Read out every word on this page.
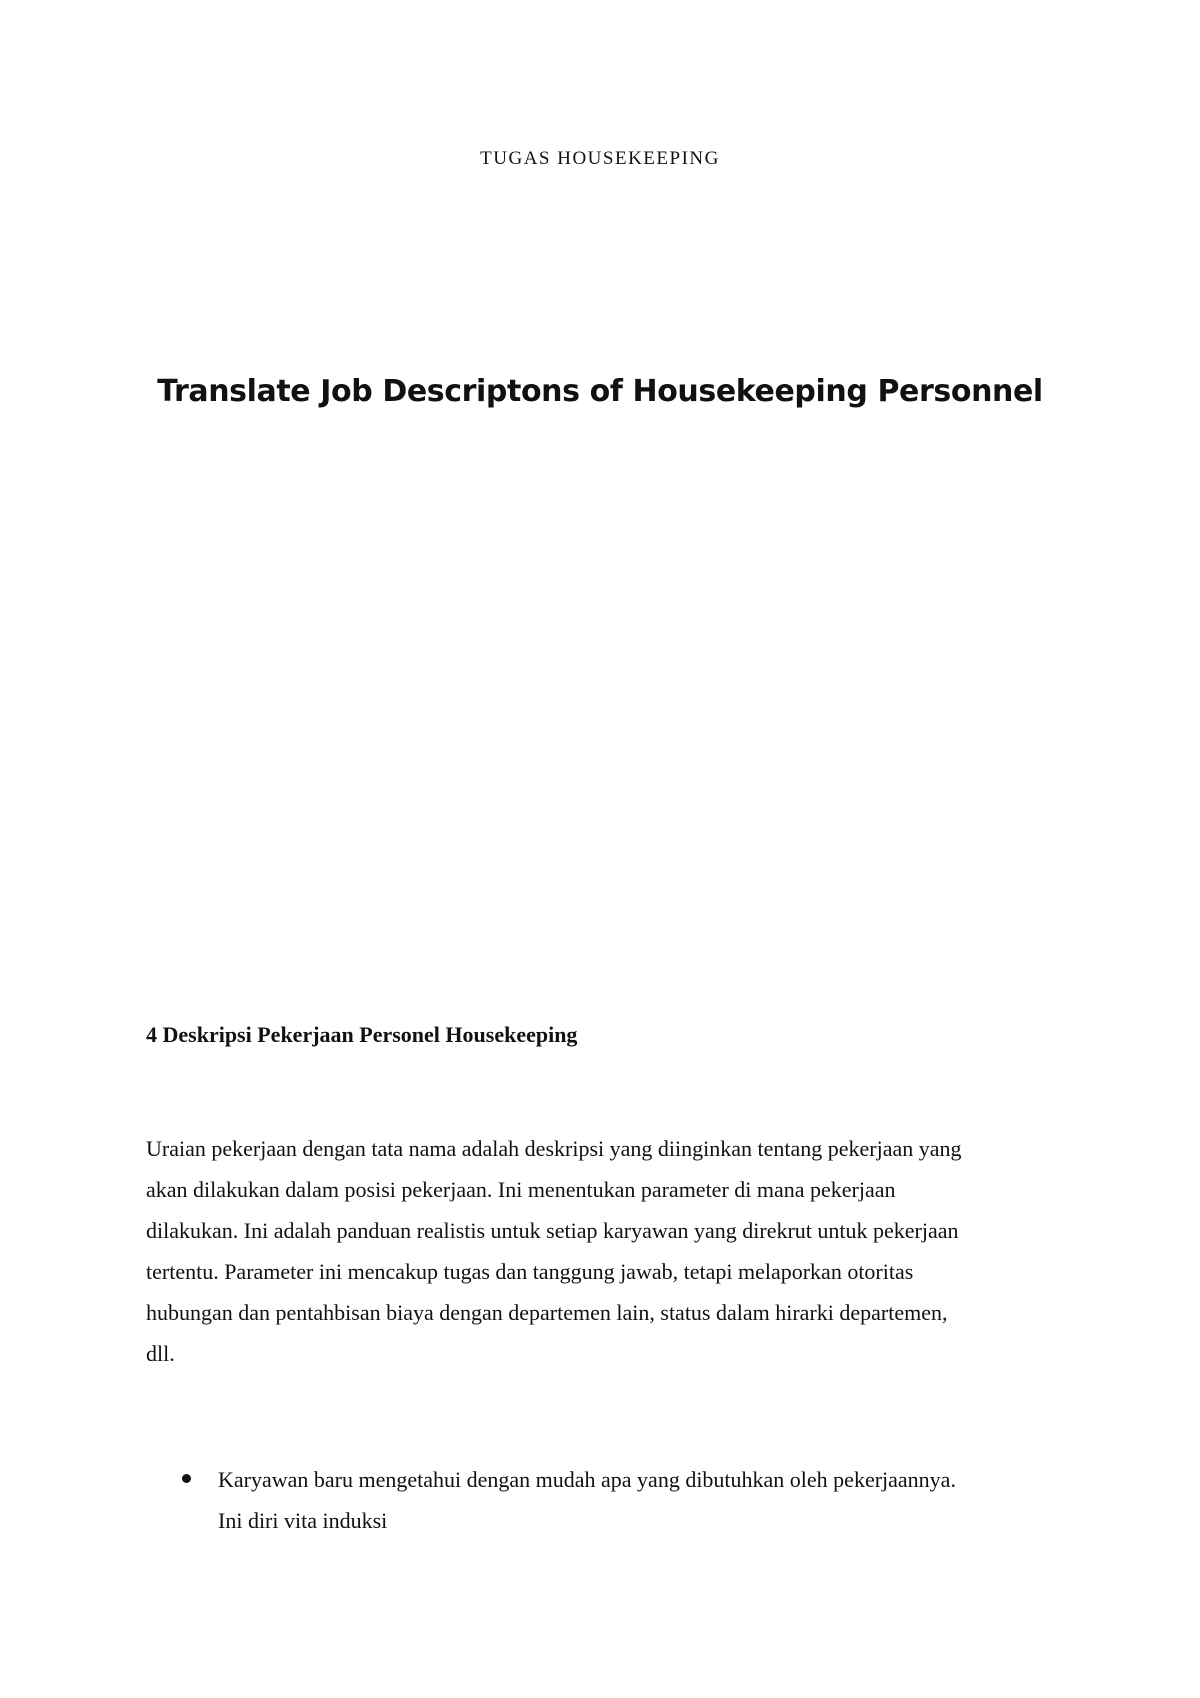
TUGAS HOUSEKEEPING
Translate Job Descriptons of Housekeeping Personnel
4 Deskripsi Pekerjaan Personel Housekeeping
Uraian pekerjaan dengan tata nama adalah deskripsi yang diinginkan tentang pekerjaan yang
akan dilakukan dalam posisi pekerjaan. Ini menentukan parameter di mana pekerjaan
dilakukan. Ini adalah panduan realistis untuk setiap karyawan yang direkrut untuk pekerjaan
tertentu. Parameter ini mencakup tugas dan tanggung jawab, tetapi melaporkan otoritas
hubungan dan pentahbisan biaya dengan departemen lain, status dalam hirarki departemen,
dll.
Karyawan baru mengetahui dengan mudah apa yang dibutuhkan oleh pekerjaannya.
Ini diri vita induksi
